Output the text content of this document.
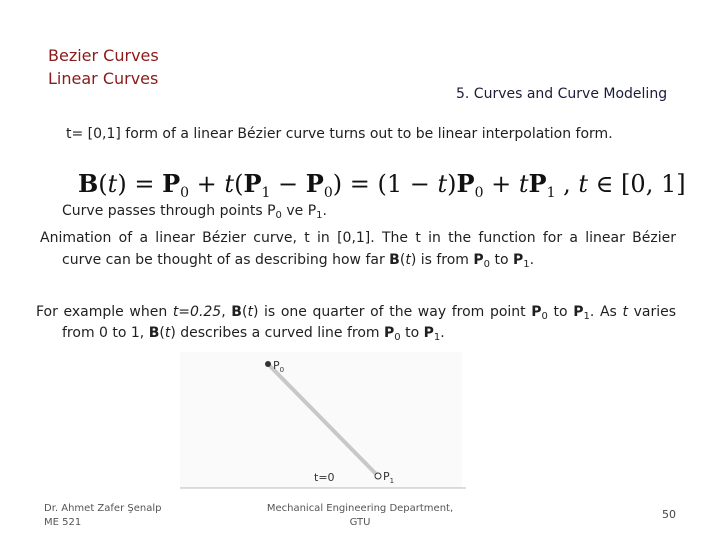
Bezier Curves
Linear Curves
5. Curves and Curve Modeling
t= [0,1] form of a linear Bézier curve turns out to be linear interpolation form.
$B(t) = P_0 + t(P_1 - P_0) = (1 - t)P_0 + tP_1$ , t ∈ [0, 1]
B(t) = P0 + t(P1 − P0) = (1 − t)P0 + tP1
Curve passes through points $P_0$ ve $P_1$.
Animation of a linear Bézier curve, t in [0,1]. The t in the function for a linear Bézier
curve can be thought of as describing how far B(t) is from $P_0$ to $P_1$.
For example when t=0.25, B(t) is one quarter of the way from point $P_0$ to $P_1$. As t varies
from 0 to 1, B(t) describes a curved line from $P_0$ to $P_1$.
$P_0$
$P_1$
t=0
Dr. Ahmet Zafer Şenalp
ME 521
Mechanical Engineering Department,
GTU
50
